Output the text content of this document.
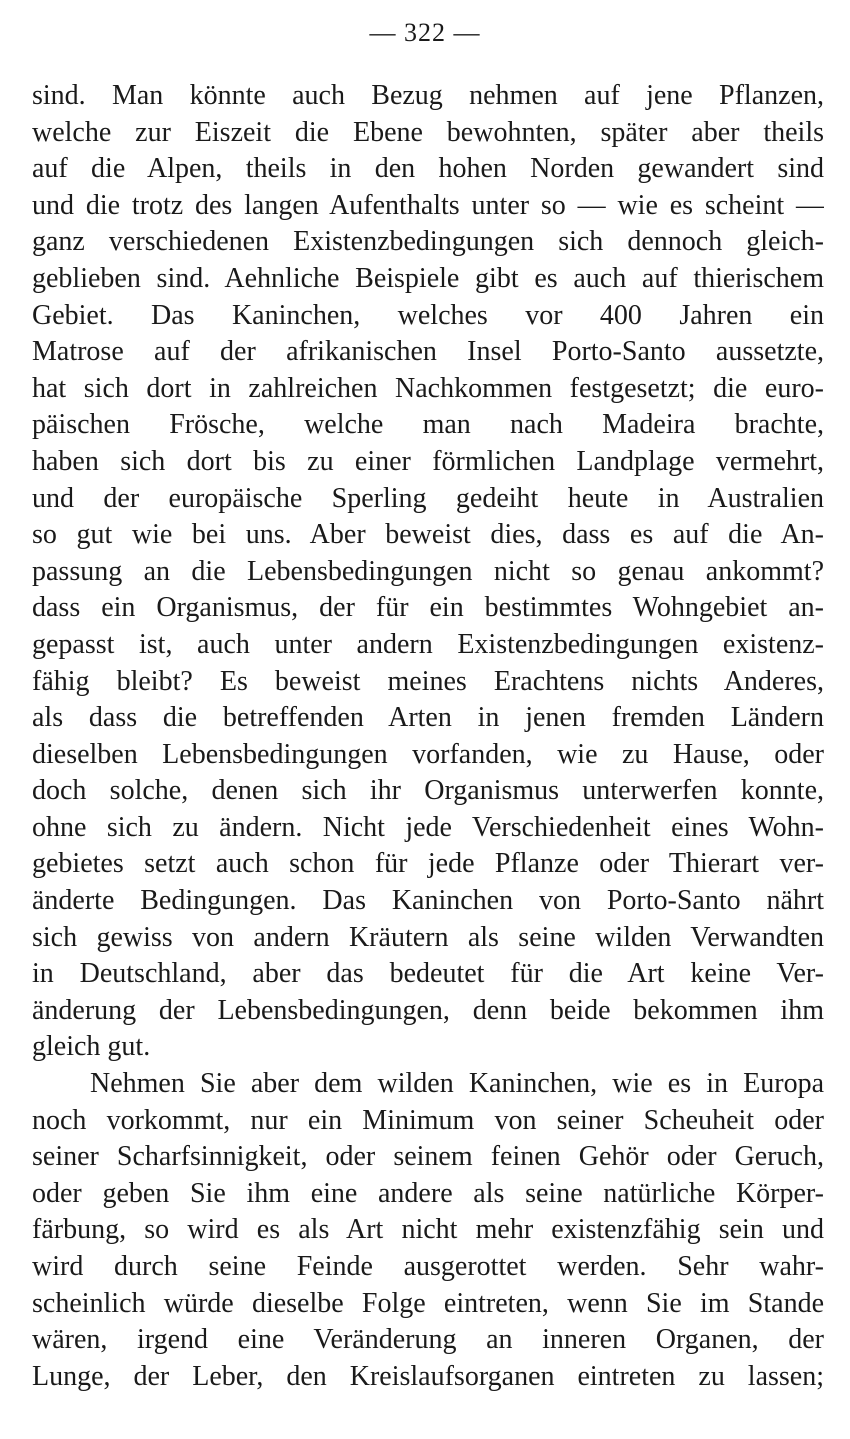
— 322 —
sind. Man könnte auch Bezug nehmen auf jene Pflanzen,
welche zur Eiszeit die Ebene bewohnten, später aber theils
auf die Alpen, theils in den hohen Norden gewandert sind
und die trotz des langen Aufenthalts unter so — wie es scheint —
ganz verschiedenen Existenzbedingungen sich dennoch gleich-
geblieben sind. Aehnliche Beispiele gibt es auch auf thierischem
Gebiet. Das Kaninchen, welches vor 400 Jahren ein
Matrose auf der afrikanischen Insel Porto-Santo aussetzte,
hat sich dort in zahlreichen Nachkommen festgesetzt; die euro-
päischen Frösche, welche man nach Madeira brachte,
haben sich dort bis zu einer förmlichen Landplage vermehrt,
und der europäische Sperling gedeiht heute in Australien
so gut wie bei uns. Aber beweist dies, dass es auf die An-
passung an die Lebensbedingungen nicht so genau ankommt?
dass ein Organismus, der für ein bestimmtes Wohngebiet an-
gepasst ist, auch unter andern Existenzbedingungen existenz-
fähig bleibt? Es beweist meines Erachtens nichts Anderes,
als dass die betreffenden Arten in jenen fremden Ländern
dieselben Lebensbedingungen vorfanden, wie zu Hause, oder
doch solche, denen sich ihr Organismus unterwerfen konnte,
ohne sich zu ändern. Nicht jede Verschiedenheit eines Wohn-
gebietes setzt auch schon für jede Pflanze oder Thierart ver-
änderte Bedingungen. Das Kaninchen von Porto-Santo nährt
sich gewiss von andern Kräutern als seine wilden Verwandten
in Deutschland, aber das bedeutet für die Art keine Ver-
änderung der Lebensbedingungen, denn beide bekommen ihm
gleich gut.
Nehmen Sie aber dem wilden Kaninchen, wie es in Europa
noch vorkommt, nur ein Minimum von seiner Scheuheit oder
seiner Scharfsinnigkeit, oder seinem feinen Gehör oder Geruch,
oder geben Sie ihm eine andere als seine natürliche Körper-
färbung, so wird es als Art nicht mehr existenzfähig sein und
wird durch seine Feinde ausgerottet werden. Sehr wahr-
scheinlich würde dieselbe Folge eintreten, wenn Sie im Stande
wären, irgend eine Veränderung an inneren Organen, der
Lunge, der Leber, den Kreislaufsorganen eintreten zu lassen;
